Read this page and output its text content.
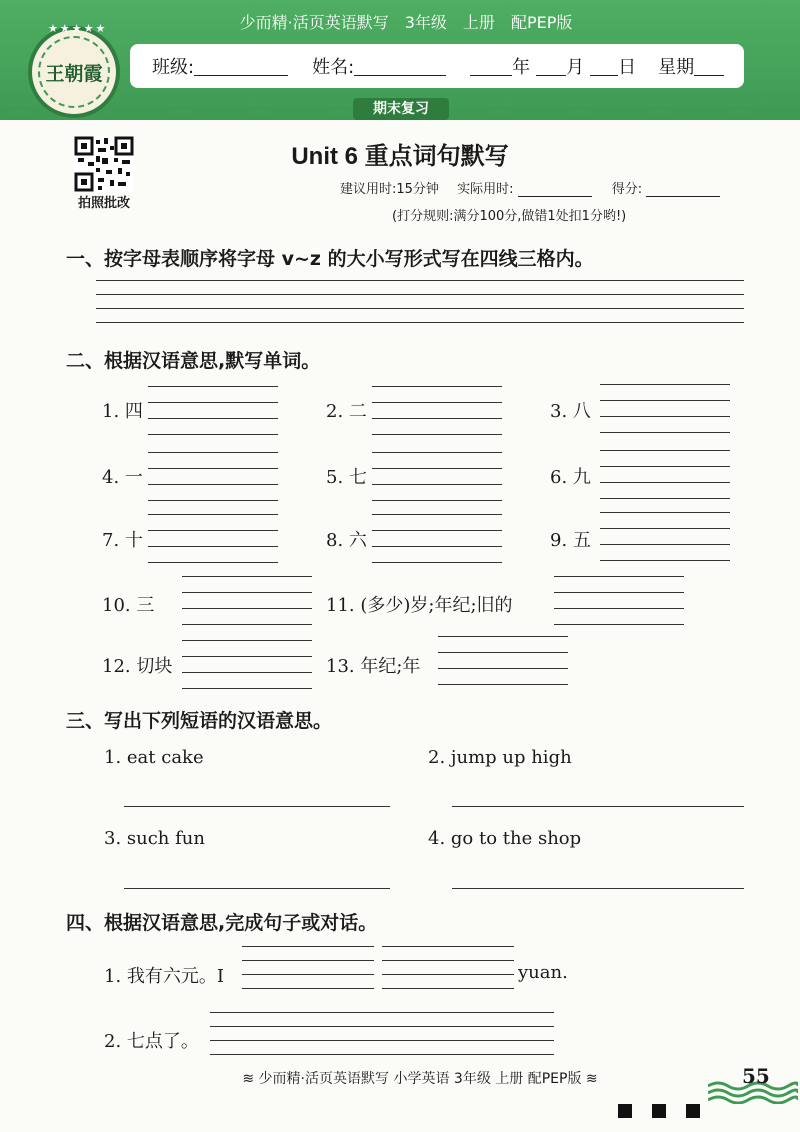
少而精·活页英语默写 3年级 上册 配PEP版
王朝霞
★★★★★
班级:	姓名:	年 月 日 星期
期末复习
拍照批改
Unit 6 重点词句默写
建议用时:15分钟 实际用时:	得分:
(打分规则:满分100分,做错1处扣1分哟!)
一、按字母表顺序将字母 v~z 的大小写形式写在四线三格内。
二、根据汉语意思,默写单词。
1. 四	2. 二	3. 八
4. 一	5. 七	6. 九
7. 十	8. 六	9. 五
10. 三	11. (多少)岁;年纪;旧的
12. 切块	13. 年纪;年
三、写出下列短语的汉语意思。
1. eat cake	2. jump up high
3. such fun	4. go to the shop
四、根据汉语意思,完成句子或对话。
1. 我有六元。I	yuan.
2. 七点了。
≋ 少而精·活页英语默写 小学英语 3年级 上册 配PEP版 ≋	55
